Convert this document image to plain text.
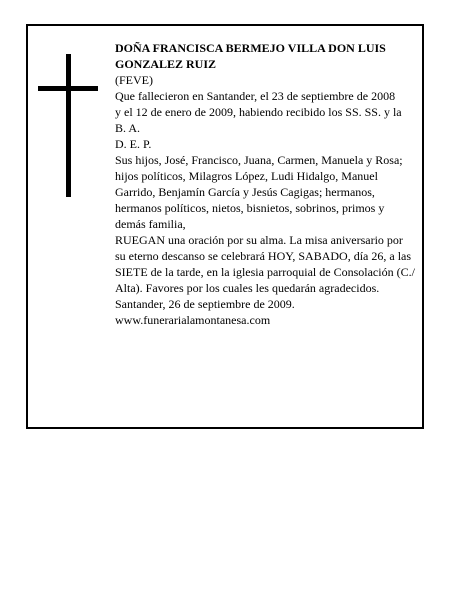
DOÑA FRANCISCA BERMEJO VILLA DON LUIS GONZALEZ RUIZ
(FEVE)
Que fallecieron en Santander, el 23 de septiembre de 2008
y el 12 de enero de 2009, habiendo recibido los SS. SS. y la B. A.
D. E. P.
Sus hijos, José, Francisco, Juana, Carmen, Manuela y Rosa; hijos políticos, Milagros López, Ludi Hidalgo, Manuel Garrido, Benjamín García y Jesús Cagigas; hermanos, hermanos políticos, nietos, bisnietos, sobrinos, primos y demás familia,
RUEGAN una oración por su alma. La misa aniversario por su eterno descanso se celebrará HOY, SABADO, día 26, a las SIETE de la tarde, en la iglesia parroquial de Consolación (C./ Alta). Favores por los cuales les quedarán agradecidos.
Santander, 26 de septiembre de 2009.
www.funerarialamontanesa.com
